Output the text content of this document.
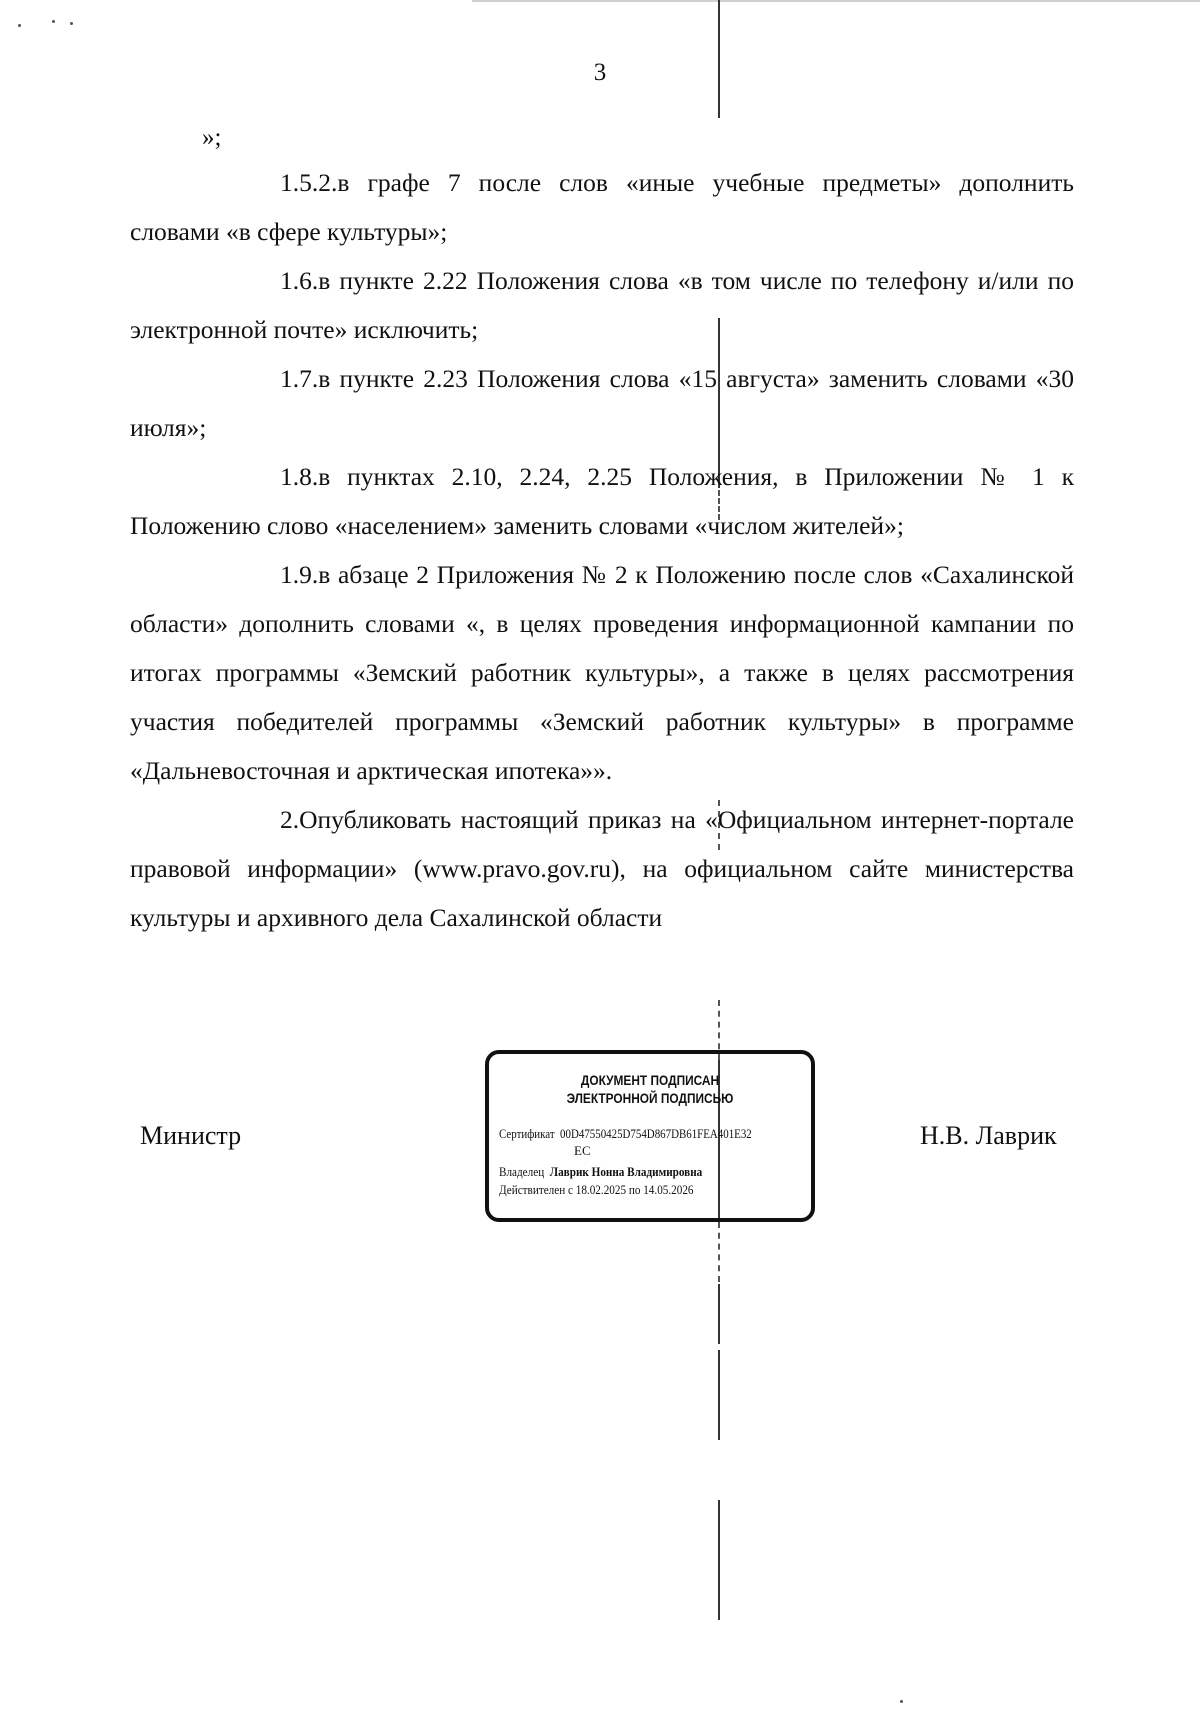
3
»;

1.5.2.в графе 7 после слов «иные учебные предметы» дополнить словами «в сфере культуры»;

1.6.в пункте 2.22 Положения слова «в том числе по телефону и/или по электронной почте» исключить;

1.7.в пункте 2.23 Положения слова «15 августа» заменить словами «30 июля»;

1.8.в пунктах 2.10, 2.24, 2.25 Положения, в Приложении № 1 к Положению слово «населением» заменить словами «числом жителей»;

1.9.в абзаце 2 Приложения № 2 к Положению после слов «Сахалинской области» дополнить словами «, в целях проведения информационной кампании по итогах программы «Земский работник культуры», а также в целях рассмотрения участия победителей программы «Земский работник культуры» в программе «Дальневосточная и арктическая ипотека»».

2.Опубликовать настоящий приказ на «Официальном интернет-портале правовой информации» (www.pravo.gov.ru), на официальном сайте министерства культуры и архивного дела Сахалинской области

Министр
ДОКУМЕНТ ПОДПИСАН
ЭЛЕКТРОННОЙ ПОДПИСЬЮ
Сертификат 00D47550425D754D867DB61FEA401E32
EC
Владелец Лаврик Нонна Владимировна
Действителен с 18.02.2025 по 14.05.2026
Н.В. Лаврик
